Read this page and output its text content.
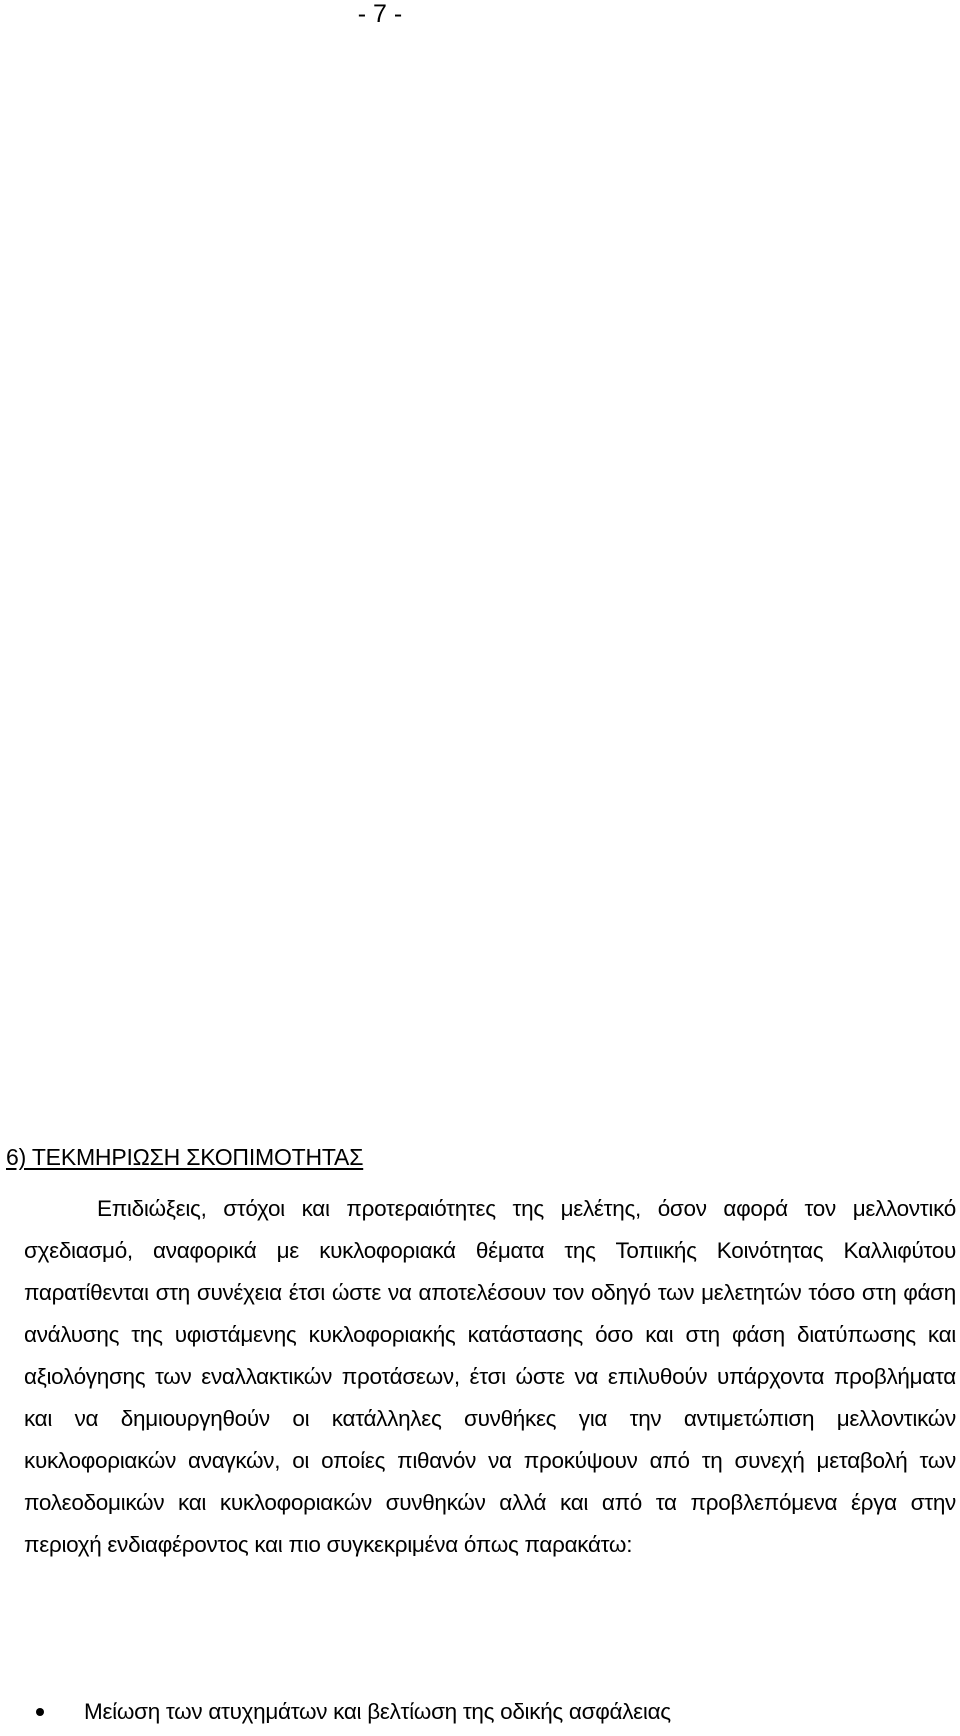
- 7 -
6) ΤΕΚΜΗΡΙΩΣΗ ΣΚΟΠΙΜΟΤΗΤΑΣ

Επιδιώξεις, στόχοι και προτεραιότητες της μελέτης, όσον αφορά τον μελλοντικό σχεδιασμό, αναφορικά με κυκλοφοριακά θέματα της Τοπιικής Κοινότητας Καλλιφύτου παρατίθενται στη συνέχεια έτσι ώστε να αποτελέσουν τον οδηγό των μελετητών τόσο στη φάση ανάλυσης της υφιστάμενης κυκλοφοριακής κατάστασης όσο και στη φάση διατύπωσης και αξιολόγησης των εναλλακτικών προτάσεων, έτσι ώστε να επιλυθούν υπάρχοντα προβλήματα και να δημιουργηθούν οι κατάλληλες συνθήκες για την αντιμετώπιση μελλοντικών κυκλοφοριακών αναγκών, οι οποίες πιθανόν να προκύψουν από τη συνεχή μεταβολή των πολεοδομικών και κυκλοφοριακών συνθηκών αλλά και από τα προβλεπόμενα έργα στην περιοχή ενδιαφέροντος και πιο συγκεκριμένα όπως παρακάτω:

Μείωση των ατυχημάτων και βελτίωση της οδικής ασφάλειας
